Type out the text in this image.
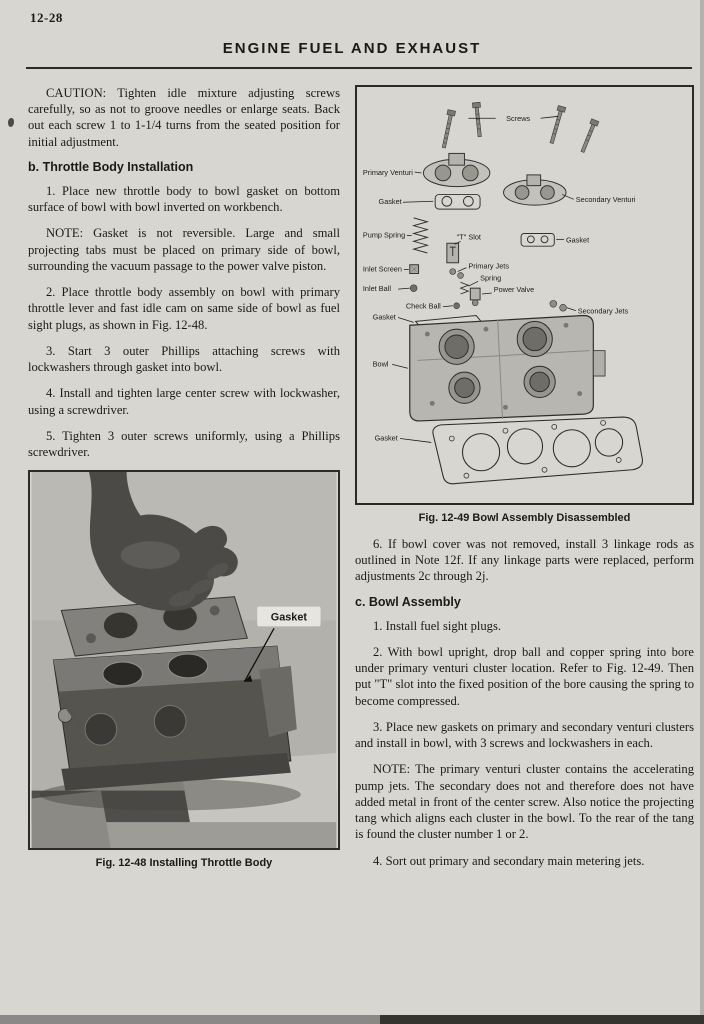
12-28
ENGINE FUEL AND EXHAUST

CAUTION: Tighten idle mixture adjusting screws carefully, so as not to groove needles or enlarge seats. Back out each screw 1 to 1-1/4 turns from the seated position for initial adjustment.

b. Throttle Body Installation

1. Place new throttle body to bowl gasket on bottom surface of bowl with bowl inverted on workbench.

NOTE: Gasket is not reversible. Large and small projecting tabs must be placed on primary side of bowl, surrounding the vacuum passage to the power valve piston.

2. Place throttle body assembly on bowl with primary throttle lever and fast idle cam on same side of bowl as fuel sight plugs, as shown in Fig. 12-48.

3. Start 3 outer Phillips attaching screws with lockwashers through gasket into bowl.

4. Install and tighten large center screw with lockwasher, using a screwdriver.

5. Tighten 3 outer screws uniformly, using a Phillips screwdriver.

Gasket
Fig. 12-48 Installing Throttle Body
Screws
Primary Venturi
Gasket	Secondary Venturi
Pump Spring	"T" Slot	Gasket
Inlet Screen	Primary Jets
Spring
Inlet Ball	Power Valve
Check Ball
Secondary Jets
Gasket
Bowl
Gasket
Fig. 12-49 Bowl Assembly Disassembled

6. If bowl cover was not removed, install 3 linkage rods as outlined in Note 12f. If any linkage parts were replaced, perform adjustments 2c through 2j.

c. Bowl Assembly

1. Install fuel sight plugs.

2. With bowl upright, drop ball and copper spring into bore under primary venturi cluster location. Refer to Fig. 12-49. Then put "T" slot into the fixed position of the bore causing the spring to become compressed.

3. Place new gaskets on primary and secondary venturi clusters and install in bowl, with 3 screws and lockwashers in each.

NOTE: The primary venturi cluster contains the accelerating pump jets. The secondary does not and therefore does not have added metal in front of the center screw. Also notice the projecting tang which aligns each cluster in the bowl. To the rear of the tang is found the cluster number 1 or 2.

4. Sort out primary and secondary main metering jets.
